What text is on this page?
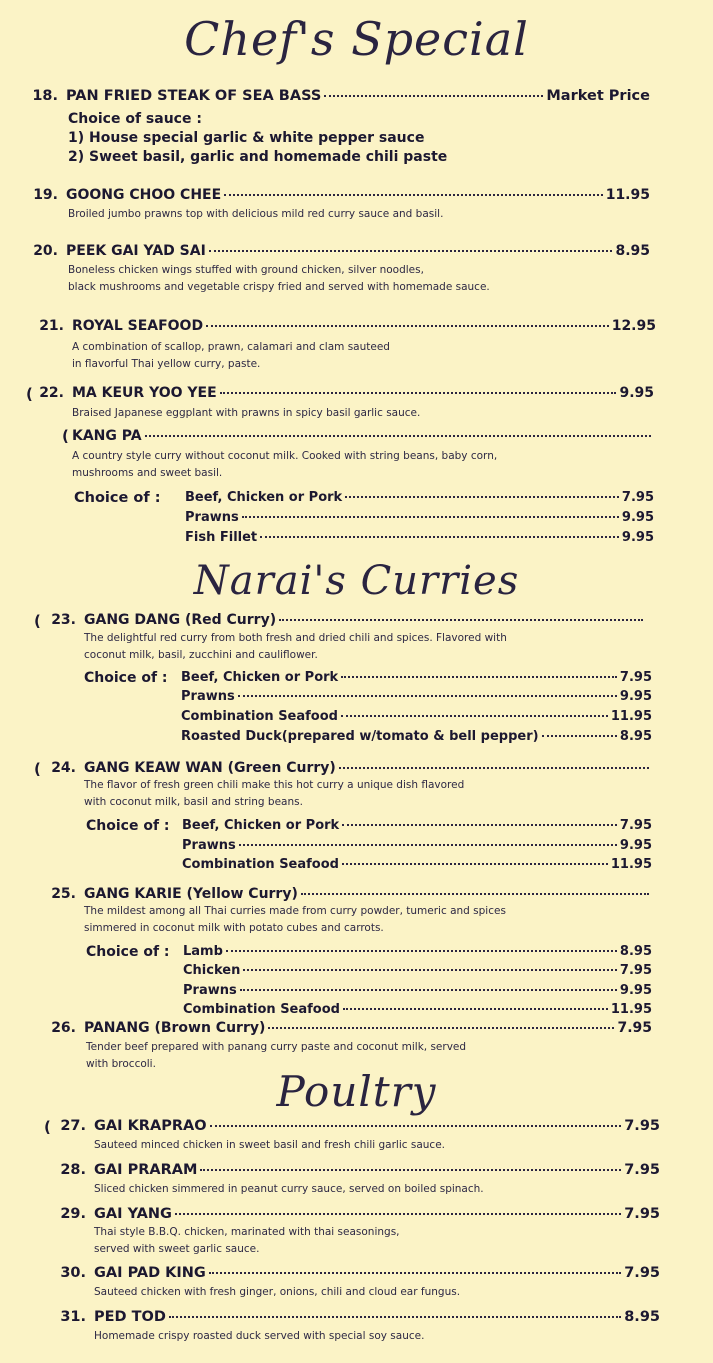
Chef's Special
18. PAN FRIED STEAK OF SEA BASS	Market Price
Choice of sauce :
1) House special garlic & white pepper sauce
2) Sweet basil, garlic and homemade chili paste
19. GOONG CHOO CHEE	11.95
Broiled jumbo prawns top with delicious mild red curry sauce and basil.
20. PEEK GAI YAD SAI	8.95
Boneless chicken wings stuffed with ground chicken, silver noodles,
black mushrooms and vegetable crispy fried and served with homemade sauce.
21. ROYAL SEAFOOD	12.95
A combination of scallop, prawn, calamari and clam sauteed
in flavorful Thai yellow curry, paste.
( 22. MA KEUR YOO YEE	9.95
Braised Japanese eggplant with prawns in spicy basil garlic sauce.
( KANG PA
A country style curry without coconut milk. Cooked with string beans, baby corn,
mushrooms and sweet basil.
Choice of : Beef, Chicken or Pork	7.95
Prawns	9.95
Fish Fillet	9.95
Narai's Curries
( 23. GANG DANG (Red Curry)
The delightful red curry from both fresh and dried chili and spices. Flavored with
coconut milk, basil, zucchini and cauliflower.
Choice of : Beef, Chicken or Pork	7.95
Prawns	9.95
Combination Seafood	11.95
Roasted Duck(prepared w/tomato & bell pepper)	8.95
( 24. GANG KEAW WAN (Green Curry)
The flavor of fresh green chili make this hot curry a unique dish flavored
with coconut milk, basil and string beans.
Choice of : Beef, Chicken or Pork	7.95
Prawns	9.95
Combination Seafood	11.95
25. GANG KARIE (Yellow Curry)
The mildest among all Thai curries made from curry powder, tumeric and spices
simmered in coconut milk with potato cubes and carrots.
Choice of : Lamb	8.95
Chicken	7.95
Prawns	9.95
Combination Seafood	11.95
26. PANANG (Brown Curry)	7.95
Tender beef prepared with panang curry paste and coconut milk, served
with broccoli.
Poultry
( 27. GAI KRAPRAO	7.95
Sauteed minced chicken in sweet basil and fresh chili garlic sauce.
28. GAI PRARAM	7.95
Sliced chicken simmered in peanut curry sauce, served on boiled spinach.
29. GAI YANG	7.95
Thai style B.B.Q. chicken, marinated with thai seasonings,
served with sweet garlic sauce.
30. GAI PAD KING	7.95
Sauteed chicken with fresh ginger, onions, chili and cloud ear fungus.
31. PED TOD	8.95
Homemade crispy roasted duck served with special soy sauce.
